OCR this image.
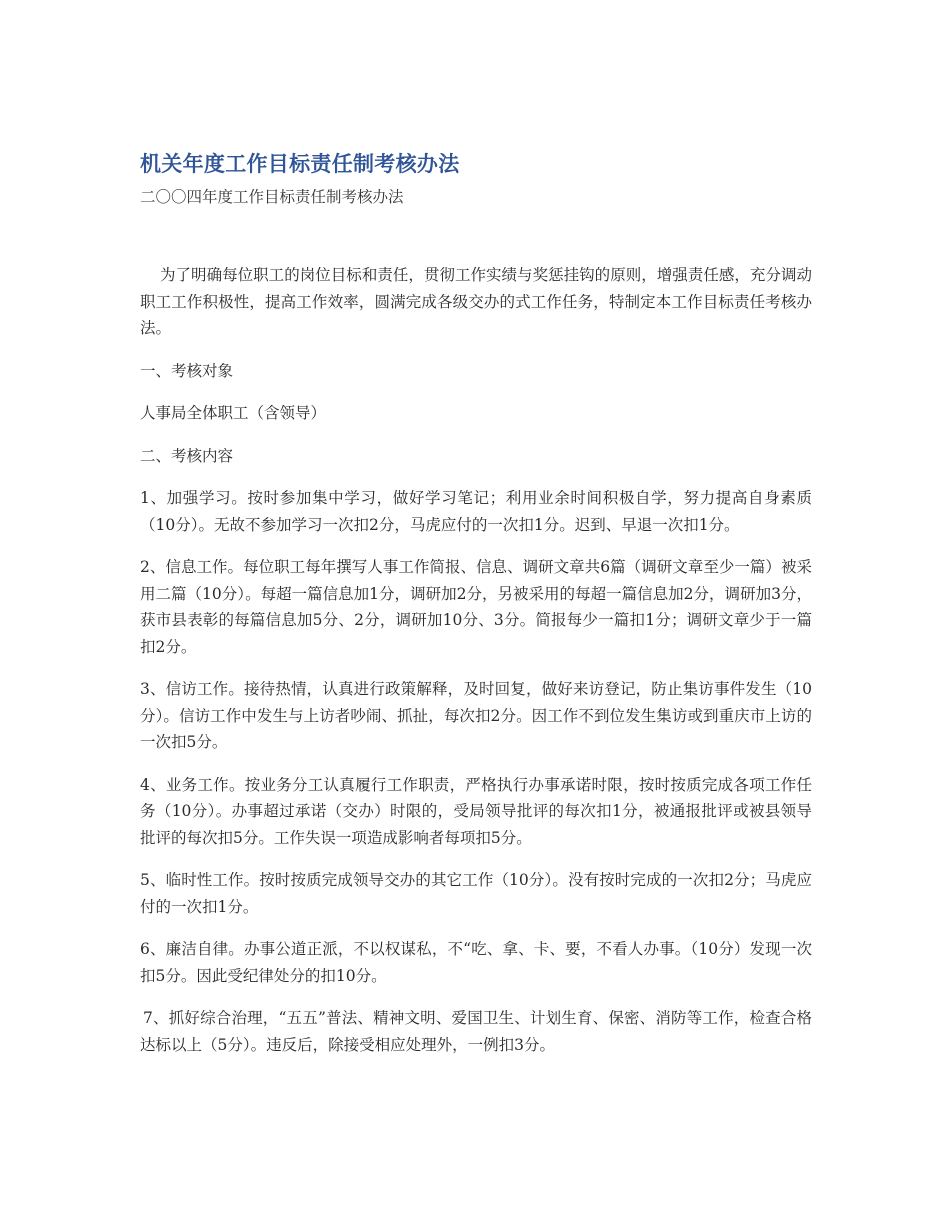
机关年度工作目标责任制考核办法
二〇〇四年度工作目标责任制考核办法

为了明确每位职工的岗位目标和责任，贯彻工作实绩与奖惩挂钩的原则，增强责任感，充分调动职工工作积极性，提高工作效率，圆满完成各级交办的式工作任务，特制定本工作目标责任考核办法。

一、考核对象

人事局全体职工（含领导）

二、考核内容

1、加强学习。按时参加集中学习，做好学习笔记；利用业余时间积极自学，努力提高自身素质（10分）。无故不参加学习一次扣2分，马虎应付的一次扣1分。迟到、早退一次扣1分。

2、信息工作。每位职工每年撰写人事工作简报、信息、调研文章共6篇（调研文章至少一篇）被采用二篇（10分）。每超一篇信息加1分，调研加2分，另被采用的每超一篇信息加2分，调研加3分，获市县表彰的每篇信息加5分、2分，调研加10分、3分。简报每少一篇扣1分；调研文章少于一篇扣2分。

3、信访工作。接待热情，认真进行政策解释，及时回复，做好来访登记，防止集访事件发生（10分）。信访工作中发生与上访者吵闹、抓扯，每次扣2分。因工作不到位发生集访或到重庆市上访的一次扣5分。

4、业务工作。按业务分工认真履行工作职责，严格执行办事承诺时限，按时按质完成各项工作任务（10分）。办事超过承诺（交办）时限的，受局领导批评的每次扣1分，被通报批评或被县领导批评的每次扣5分。工作失误一项造成影响者每项扣5分。

5、临时性工作。按时按质完成领导交办的其它工作（10分）。没有按时完成的一次扣2分；马虎应付的一次扣1分。

6、廉洁自律。办事公道正派，不以权谋私，不“吃、拿、卡、要，不看人办事。（10分）发现一次扣5分。因此受纪律处分的扣10分。

7、抓好综合治理，“五五”普法、精神文明、爱国卫生、计划生育、保密、消防等工作，检查合格达标以上（5分）。违反后，除接受相应处理外，一例扣3分。
